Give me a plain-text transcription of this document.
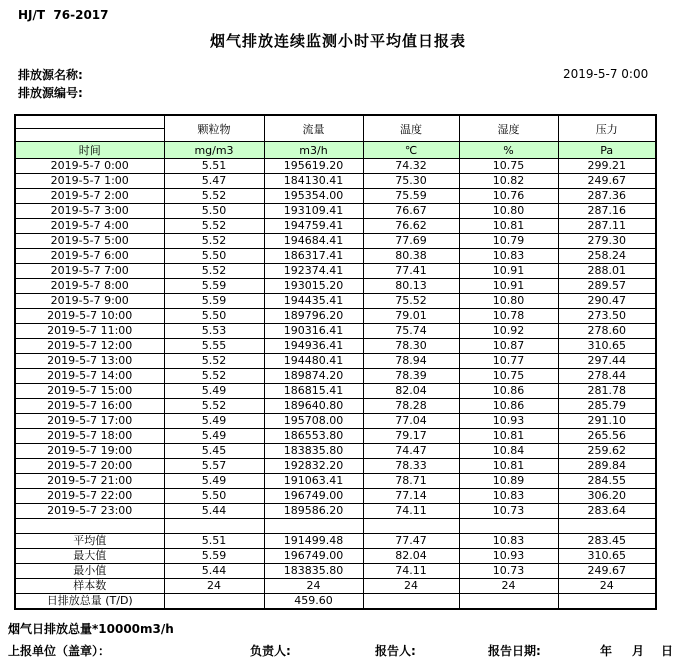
HJ/T  76-2017
烟气排放连续监测小时平均值日报表
排放源名称:
排放源编号:
2019-5-7 0:00
	颗粒物	流量	温度	湿度	压力

时间	mg/m3	m3/h	℃	%	Pa
2019-5-7 0:00	5.51	195619.20	74.32	10.75	299.21
2019-5-7 1:00	5.47	184130.41	75.30	10.82	249.67
2019-5-7 2:00	5.52	195354.00	75.59	10.76	287.36
2019-5-7 3:00	5.50	193109.41	76.67	10.80	287.16
2019-5-7 4:00	5.52	194759.41	76.62	10.81	287.11
2019-5-7 5:00	5.52	194684.41	77.69	10.79	279.30
2019-5-7 6:00	5.50	186317.41	80.38	10.83	258.24
2019-5-7 7:00	5.52	192374.41	77.41	10.91	288.01
2019-5-7 8:00	5.59	193015.20	80.13	10.91	289.57
2019-5-7 9:00	5.59	194435.41	75.52	10.80	290.47
2019-5-7 10:00	5.50	189796.20	79.01	10.78	273.50
2019-5-7 11:00	5.53	190316.41	75.74	10.92	278.60
2019-5-7 12:00	5.55	194936.41	78.30	10.87	310.65
2019-5-7 13:00	5.52	194480.41	78.94	10.77	297.44
2019-5-7 14:00	5.52	189874.20	78.39	10.75	278.44
2019-5-7 15:00	5.49	186815.41	82.04	10.86	281.78
2019-5-7 16:00	5.52	189640.80	78.28	10.86	285.79
2019-5-7 17:00	5.49	195708.00	77.04	10.93	291.10
2019-5-7 18:00	5.49	186553.80	79.17	10.81	265.56
2019-5-7 19:00	5.45	183835.80	74.47	10.84	259.62
2019-5-7 20:00	5.57	192832.20	78.33	10.81	289.84
2019-5-7 21:00	5.49	191063.41	78.71	10.89	284.55
2019-5-7 22:00	5.50	196749.00	77.14	10.83	306.20
2019-5-7 23:00	5.44	189586.20	74.11	10.73	283.64

平均值	5.51	191499.48	77.47	10.83	283.45
最大值	5.59	196749.00	82.04	10.93	310.65
最小值	5.44	183835.80	74.11	10.73	249.67
样本数	24	24	24	24	24
日排放总量 (T/D)		459.60			
烟气日排放总量*10000m3/h
上报单位（盖章）：	负责人:	报告人:	报告日期:	年 月 日
